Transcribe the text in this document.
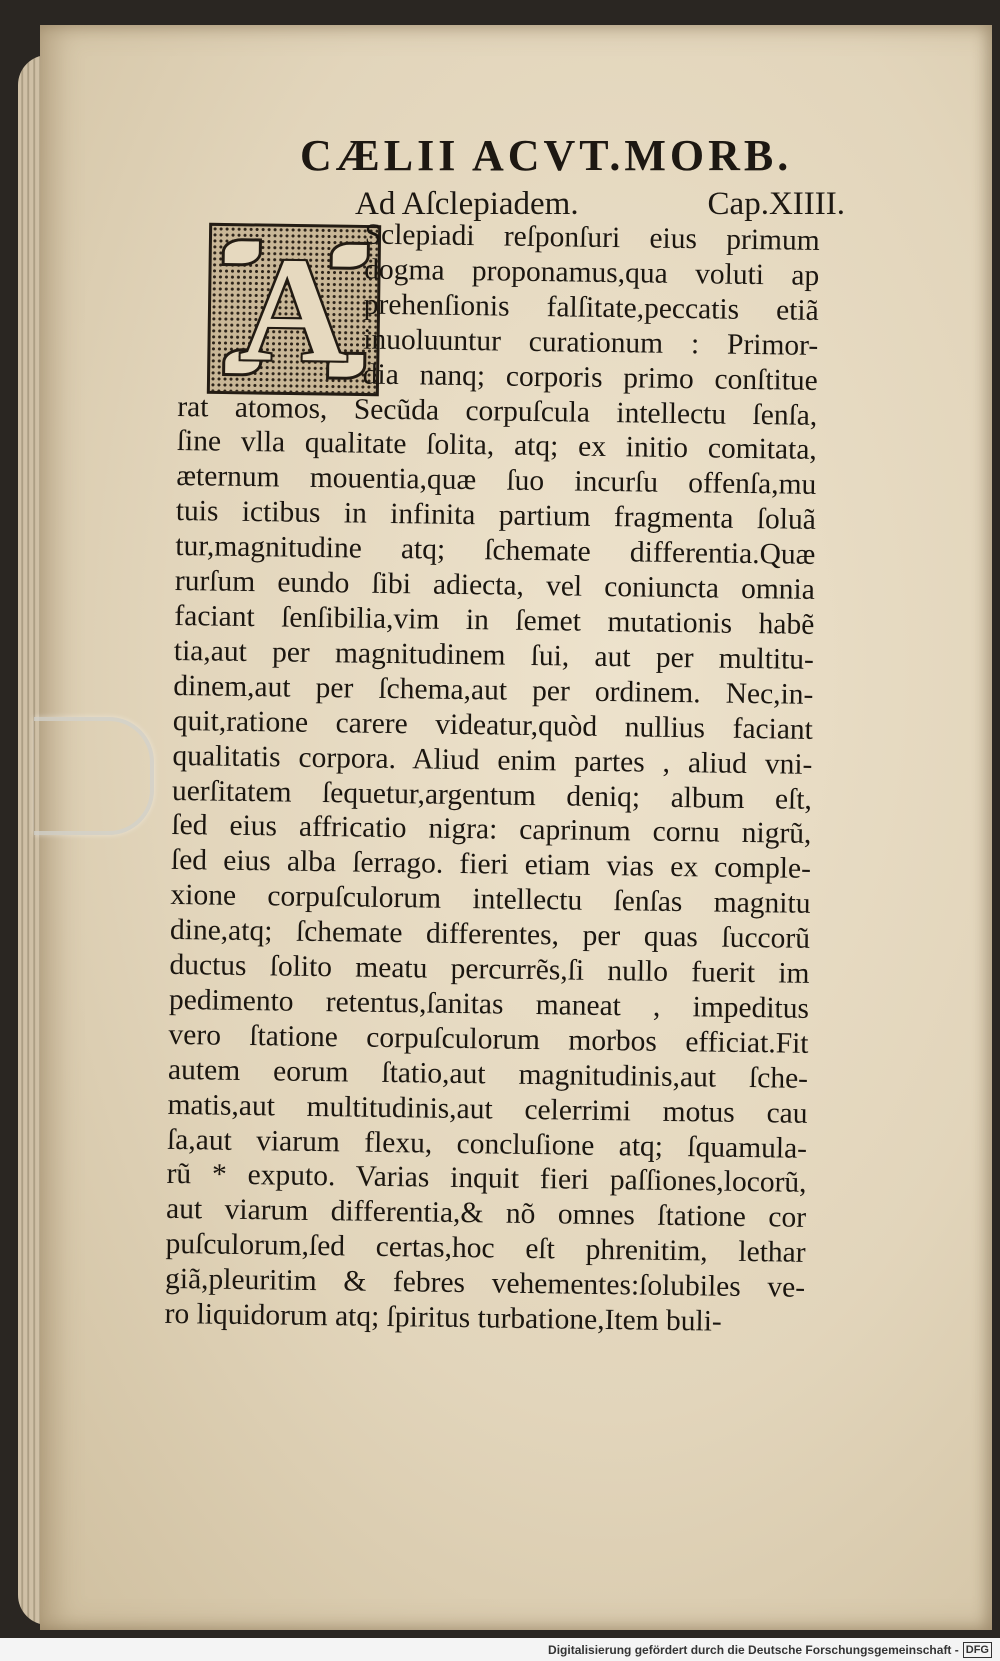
CÆLII ACVT.MORB.
Ad Aſclepiadem.	Cap.XIIII.
A Sclepiadi reſponſuri eius primum
dogma proponamus,qua voluti ap
prehenſionis falſitate,peccatis etiã
inuoluuntur curationum : Primor-
dia nanq; corporis primo conſtitue
rat atomos, Secũda corpuſcula intellectu ſenſa,
ſine vlla qualitate ſolita, atq; ex initio comitata,
æternum mouentia,quæ ſuo incurſu offenſa,mu
tuis ictibus in infinita partium fragmenta ſoluã
tur,magnitudine atq; ſchemate differentia.Quæ
rurſum eundo ſibi adiecta, vel coniuncta omnia
faciant ſenſibilia,vim in ſemet mutationis habẽ
tia,aut per magnitudinem ſui, aut per multitu-
dinem,aut per ſchema,aut per ordinem. Nec,in-
quit,ratione carere videatur,quòd nullius faciant
qualitatis corpora. Aliud enim partes , aliud vni-
uerſitatem ſequetur,argentum deniq; album eſt,
ſed eius affricatio nigra: caprinum cornu nigrũ,
ſed eius alba ſerrago. fieri etiam vias ex comple-
xione corpuſculorum intellectu ſenſas magnitu
dine,atq; ſchemate differentes, per quas ſuccorũ
ductus ſolito meatu percurrẽs,ſi nullo fuerit im
pedimento retentus,ſanitas maneat , impeditus
vero ſtatione corpuſculorum morbos efficiat.Fit
autem eorum ſtatio,aut magnitudinis,aut ſche-
matis,aut multitudinis,aut celerrimi motus cau
ſa,aut viarum flexu, concluſione atq; ſquamula-
rũ * exputo. Varias inquit fieri paſſiones,locorũ,
aut viarum differentia,& nõ omnes ſtatione cor
puſculorum,ſed certas,hoc eſt phrenitim, lethar
giã,pleuritim & febres vehementes:ſolubiles ve-
ro liquidorum atq; ſpiritus turbatione,Item buli-

Digitalisierung gefördert durch die Deutsche Forschungsgemeinschaft - DFG
